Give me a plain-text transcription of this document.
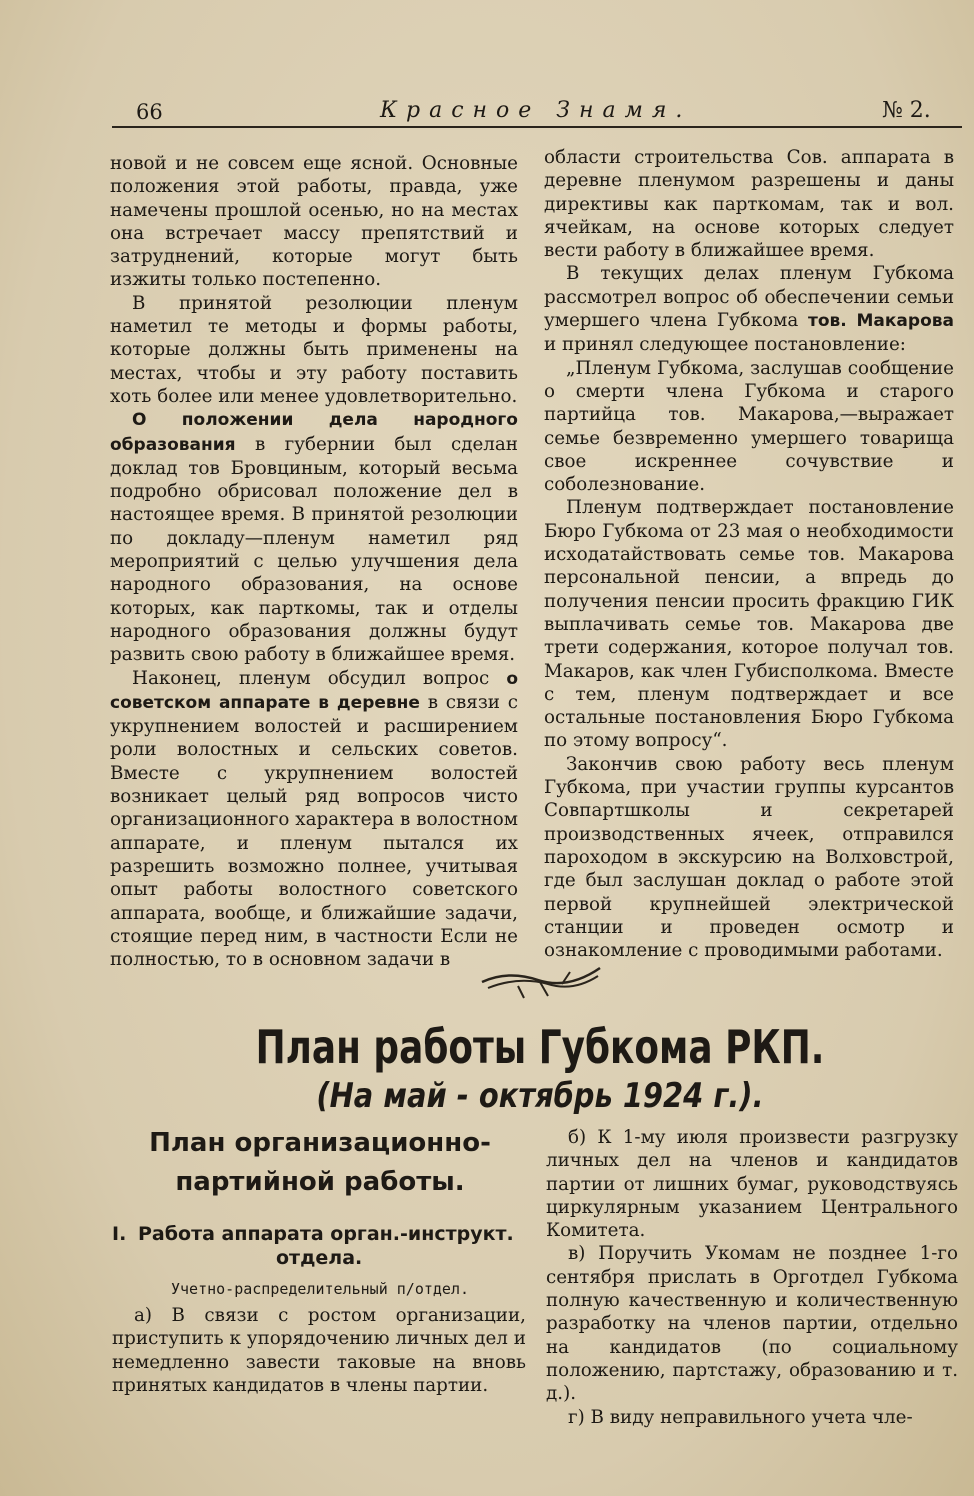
66	Красное Знамя.	№ 2.

новой и не совсем еще ясной. Основные положения этой работы, правда, уже намечены прошлой осенью, но на местах она встречает массу препятствий и затруднений, которые могут быть изжиты только постепенно.

В принятой резолюции пленум наметил те методы и формы работы, которые должны быть применены на местах, чтобы и эту работу поставить хоть более или менее удовлетворительно.

О положении дела народного образования в губернии был сделан доклад тов Бровциным, который весьма подробно обрисовал положение дел в настоящее время. В принятой резолюции по докладу—пленум наметил ряд мероприятий с целью улучшения дела народного образования, на основе которых, как парткомы, так и отделы народного образования должны будут развить свою работу в ближайшее время.

Наконец, пленум обсудил вопрос о советском аппарате в деревне в связи с укрупнением волостей и расширением роли волостных и сельских советов. Вместе с укрупнением волостей возникает целый ряд вопросов чисто организационного характера в волостном аппарате, и пленум пытался их разрешить возможно полнее, учитывая опыт работы волостного советского аппарата, вообще, и ближайшие задачи, стоящие перед ним, в частности Если не полностью, то в основном задачи в

области строительства Сов. аппарата в деревне пленумом разрешены и даны директивы как парткомам, так и вол. ячейкам, на основе которых следует вести работу в ближайшее время.

В текущих делах пленум Губкома рассмотрел вопрос об обеспечении семьи умершего члена Губкома тов. Макарова и принял следующее постановление:

„Пленум Губкома, заслушав сообщение о смерти члена Губкома и старого партийца тов. Макарова,—выражает семье безвременно умершего товарища свое искреннее сочувствие и соболезнование.

Пленум подтверждает постановление Бюро Губкома от 23 мая о необходимости исходатайствовать семье тов. Макарова персональной пенсии, а впредь до получения пенсии просить фракцию ГИК выплачивать семье тов. Макарова две трети содержания, которое получал тов. Макаров, как член Губисполкома. Вместе с тем, пленум подтверждает и все остальные постановления Бюро Губкома по этому вопросу“.

Закончив свою работу весь пленум Губкома, при участии группы курсантов Совпартшколы и секретарей производственных ячеек, отправился пароходом в экскурсию на Волховстрой, где был заслушан доклад о работе этой первой крупнейшей электрической станции и проведен осмотр и ознакомление с проводимыми работами.

План работы Губкома РКП.
(На май - октябрь 1924 г.).
План организационно-
партийной работы.
I. Работа аппарата орган.-инструкт.
отдела.
Учетно-распределительный п/отдел.

а) В связи с ростом организации, приступить к упорядочению личных дел и немедленно завести таковые на вновь принятых кандидатов в члены партии.

б) К 1-му июля произвести разгрузку личных дел на членов и кандидатов партии от лишних бумаг, руководствуясь циркулярным указанием Центрального Комитета.

в) Поручить Укомам не позднее 1-го сентября прислать в Орготдел Губкома полную качественную и количественную разработку на членов партии, отдельно на кандидатов (по социальному положению, партстажу, образованию и т. д.).

г) В виду неправильного учета чле-
